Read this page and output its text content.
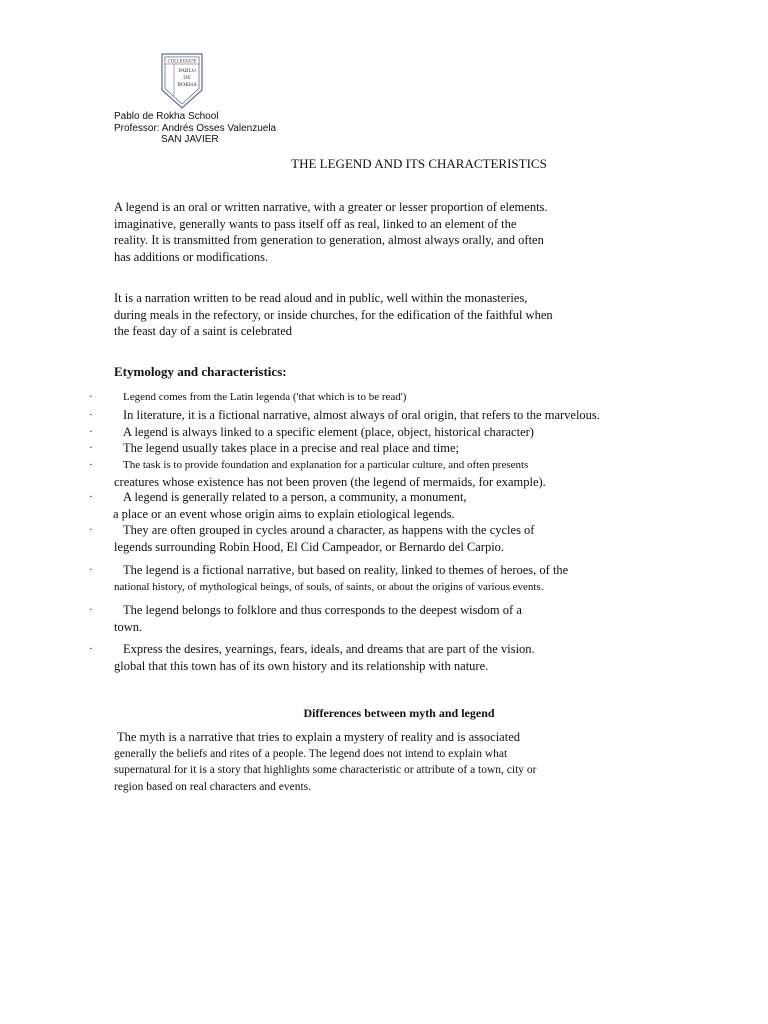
COLLEGIATE
PABLO
DE
ROKHA
Pablo de Rokha School
Professor: Andrés Osses Valenzuela
SAN JAVIER
THE LEGEND AND ITS CHARACTERISTICS
A legend is an oral or written narrative, with a greater or lesser proportion of elements.
imaginative, generally wants to pass itself off as real, linked to an element of the
reality. It is transmitted from generation to generation, almost always orally, and often
has additions or modifications.
It is a narration written to be read aloud and in public, well within the monasteries,
during meals in the refectory, or inside churches, for the edification of the faithful when
the feast day of a saint is celebrated
Etymology and characteristics:
·	Legend comes from the Latin legenda ('that which is to be read')
·	In literature, it is a fictional narrative, almost always of oral origin, that refers to the marvelous.
·	A legend is always linked to a specific element (place, object, historical character)
·	The legend usually takes place in a precise and real place and time;
·	The task is to provide foundation and explanation for a particular culture, and often presents
creatures whose existence has not been proven (the legend of mermaids, for example).
·	A legend is generally related to a person, a community, a monument,
a place or an event whose origin aims to explain etiological legends.
·	They are often grouped in cycles around a character, as happens with the cycles of
legends surrounding Robin Hood, El Cid Campeador, or Bernardo del Carpio.
·	The legend is a fictional narrative, but based on reality, linked to themes of heroes, of the
national history, of mythological beings, of souls, of saints, or about the origins of various events.
·	The legend belongs to folklore and thus corresponds to the deepest wisdom of a
town.
·	Express the desires, yearnings, fears, ideals, and dreams that are part of the vision.
global that this town has of its own history and its relationship with nature.
Differences between myth and legend
The myth is a narrative that tries to explain a mystery of reality and is associated
generally the beliefs and rites of a people. The legend does not intend to explain what
supernatural for it is a story that highlights some characteristic or attribute of a town, city or
region based on real characters and events.
